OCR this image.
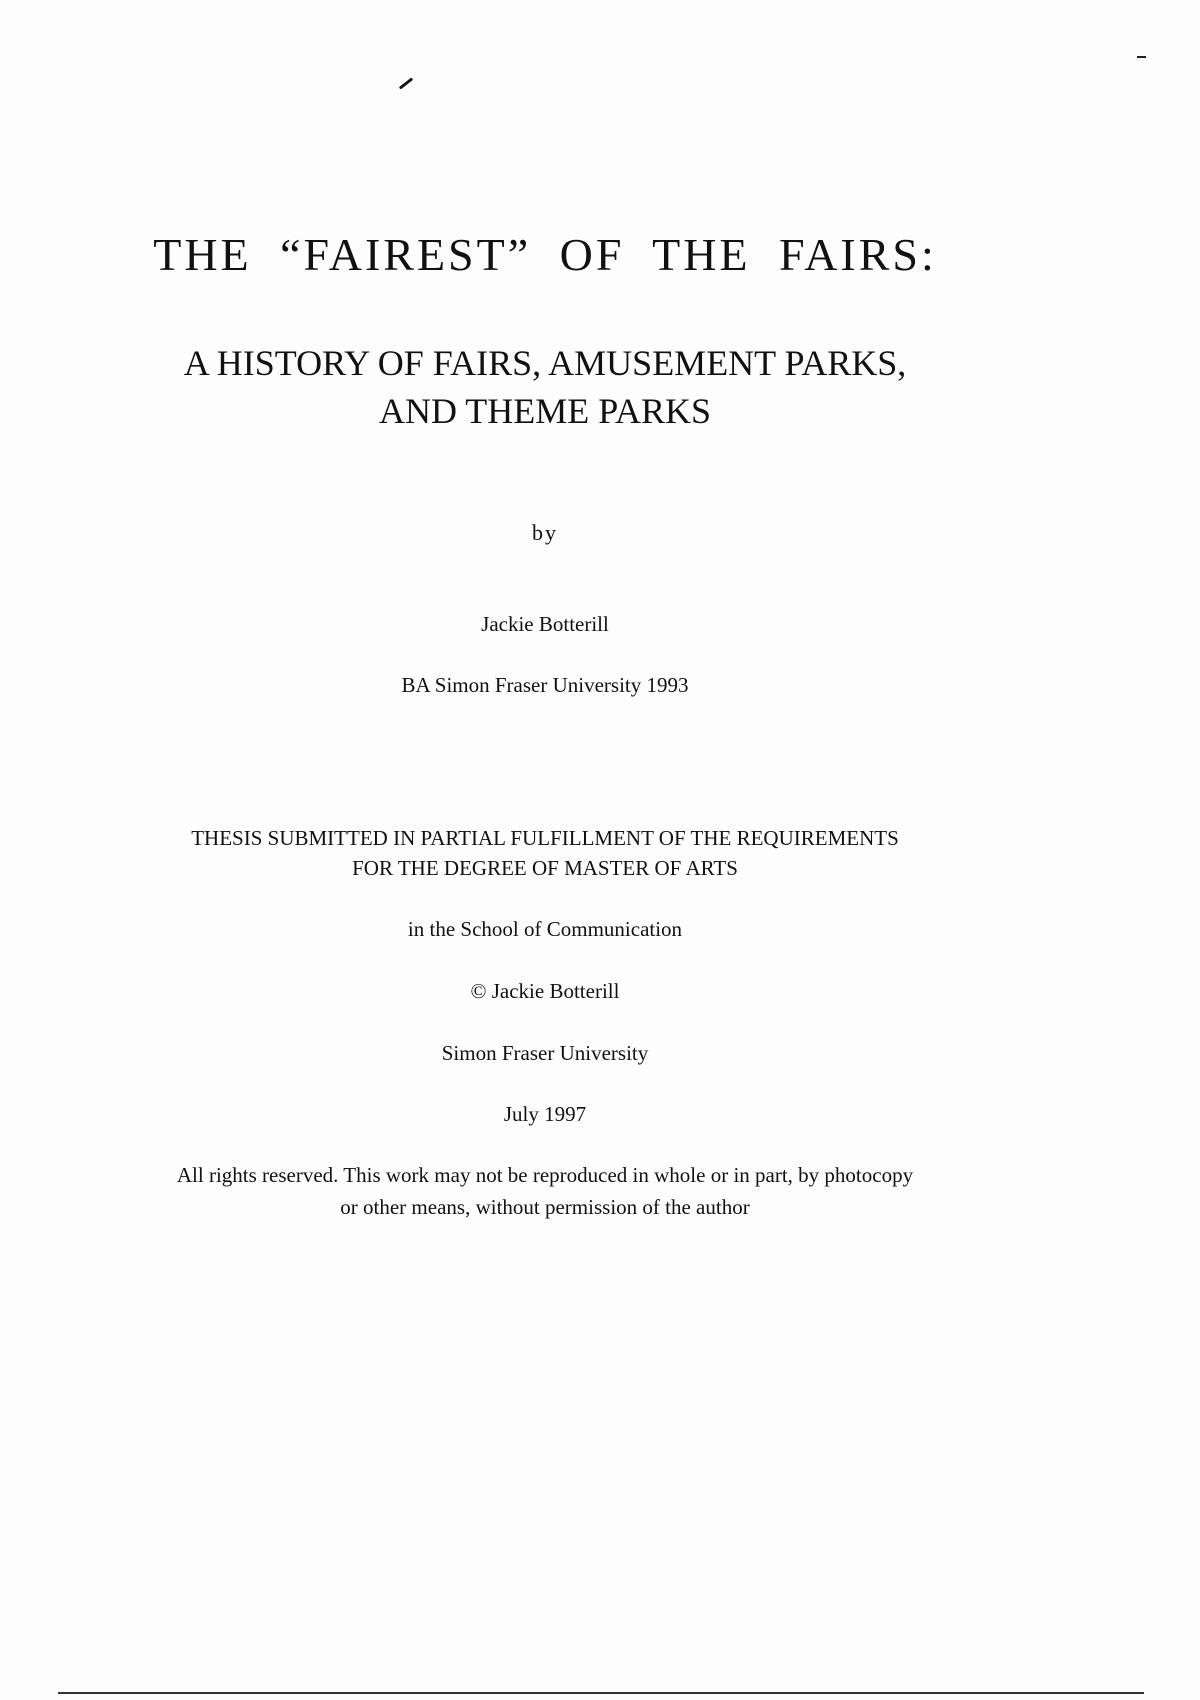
THE “FAIREST” OF THE FAIRS:
A HISTORY OF FAIRS, AMUSEMENT PARKS,
AND THEME PARKS
by
Jackie Botterill
BA Simon Fraser University 1993
THESIS SUBMITTED IN PARTIAL FULFILLMENT OF THE REQUIREMENTS
FOR THE DEGREE OF MASTER OF ARTS
in the School of Communication
© Jackie Botterill
Simon Fraser University
July 1997
All rights reserved. This work may not be reproduced in whole or in part, by photocopy
or other means, without permission of the author
